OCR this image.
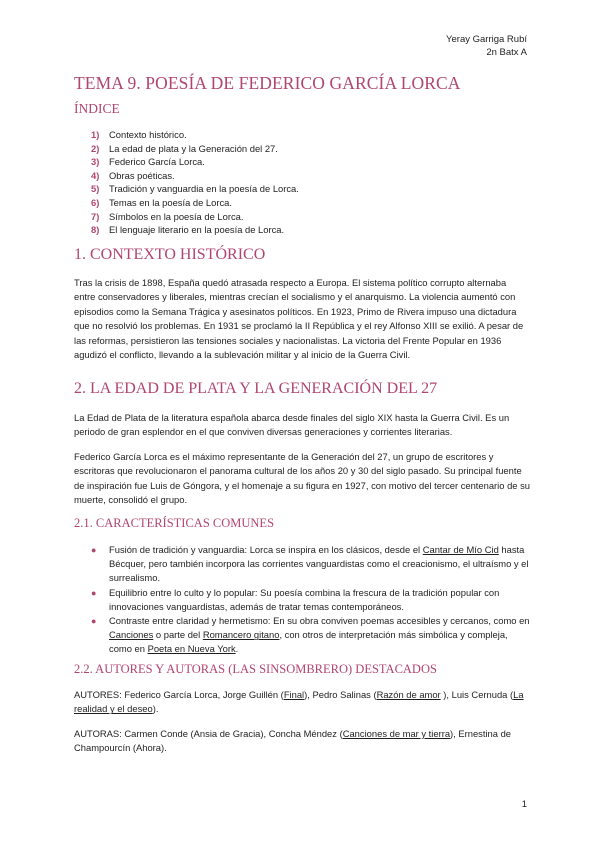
Yeray Garriga Rubí
2n Batx A
TEMA 9. POESÍA DE FEDERICO GARCÍA LORCA
ÍNDICE
1)	Contexto histórico.
2)	La edad de plata y la Generación del 27.
3)	Federico García Lorca.
4)	Obras poéticas.
5)	Tradición y vanguardia en la poesía de Lorca.
6)	Temas en la poesía de Lorca.
7)	Símbolos en la poesía de Lorca.
8)	El lenguaje literario en la poesía de Lorca.
1. CONTEXTO HISTÓRICO

Tras la crisis de 1898, España quedó atrasada respecto a Europa. El sistema político corrupto alternaba entre conservadores y liberales, mientras crecían el socialismo y el anarquismo. La violencia aumentó con episodios como la Semana Trágica y asesinatos políticos. En 1923, Primo de Rivera impuso una dictadura que no resolvió los problemas. En 1931 se proclamó la II República y el rey Alfonso XIII se exilió. A pesar de las reformas, persistieron las tensiones sociales y nacionalistas. La victoria del Frente Popular en 1936 agudizó el conflicto, llevando a la sublevación militar y al inicio de la Guerra Civil.

2. LA EDAD DE PLATA Y LA GENERACIÓN DEL 27

La Edad de Plata de la literatura española abarca desde finales del siglo XIX hasta la Guerra Civil. Es un periodo de gran esplendor en el que conviven diversas generaciones y corrientes literarias.

Federico García Lorca es el máximo representante de la Generación del 27, un grupo de escritores y escritoras que revolucionaron el panorama cultural de los años 20 y 30 del siglo pasado. Su principal fuente de inspiración fue Luis de Góngora, y el homenaje a su figura en 1927, con motivo del tercer centenario de su muerte, consolidó el grupo.

2.1. CARACTERÍSTICAS COMUNES
● Fusión de tradición y vanguardia: Lorca se inspira en los clásicos, desde el Cantar de Mío Cid hasta Bécquer, pero también incorpora las corrientes vanguardistas como el creacionismo, el ultraísmo y el surrealismo.
● Equilibrio entre lo culto y lo popular: Su poesía combina la frescura de la tradición popular con innovaciones vanguardistas, además de tratar temas contemporáneos.
● Contraste entre claridad y hermetismo: En su obra conviven poemas accesibles y cercanos, como en Canciones o parte del Romancero gitano, con otros de interpretación más simbólica y compleja, como en Poeta en Nueva York.
2.2. AUTORES Y AUTORAS (LAS SINSOMBRERO) DESTACADOS

AUTORES: Federico García Lorca, Jorge Guillén (Final), Pedro Salinas (Razón de amor ), Luis Cernuda (La realidad y el deseo).

AUTORAS: Carmen Conde (Ansia de Gracia), Concha Méndez (Canciones de mar y tierra), Ernestina de Champourcín (Ahora).

1
